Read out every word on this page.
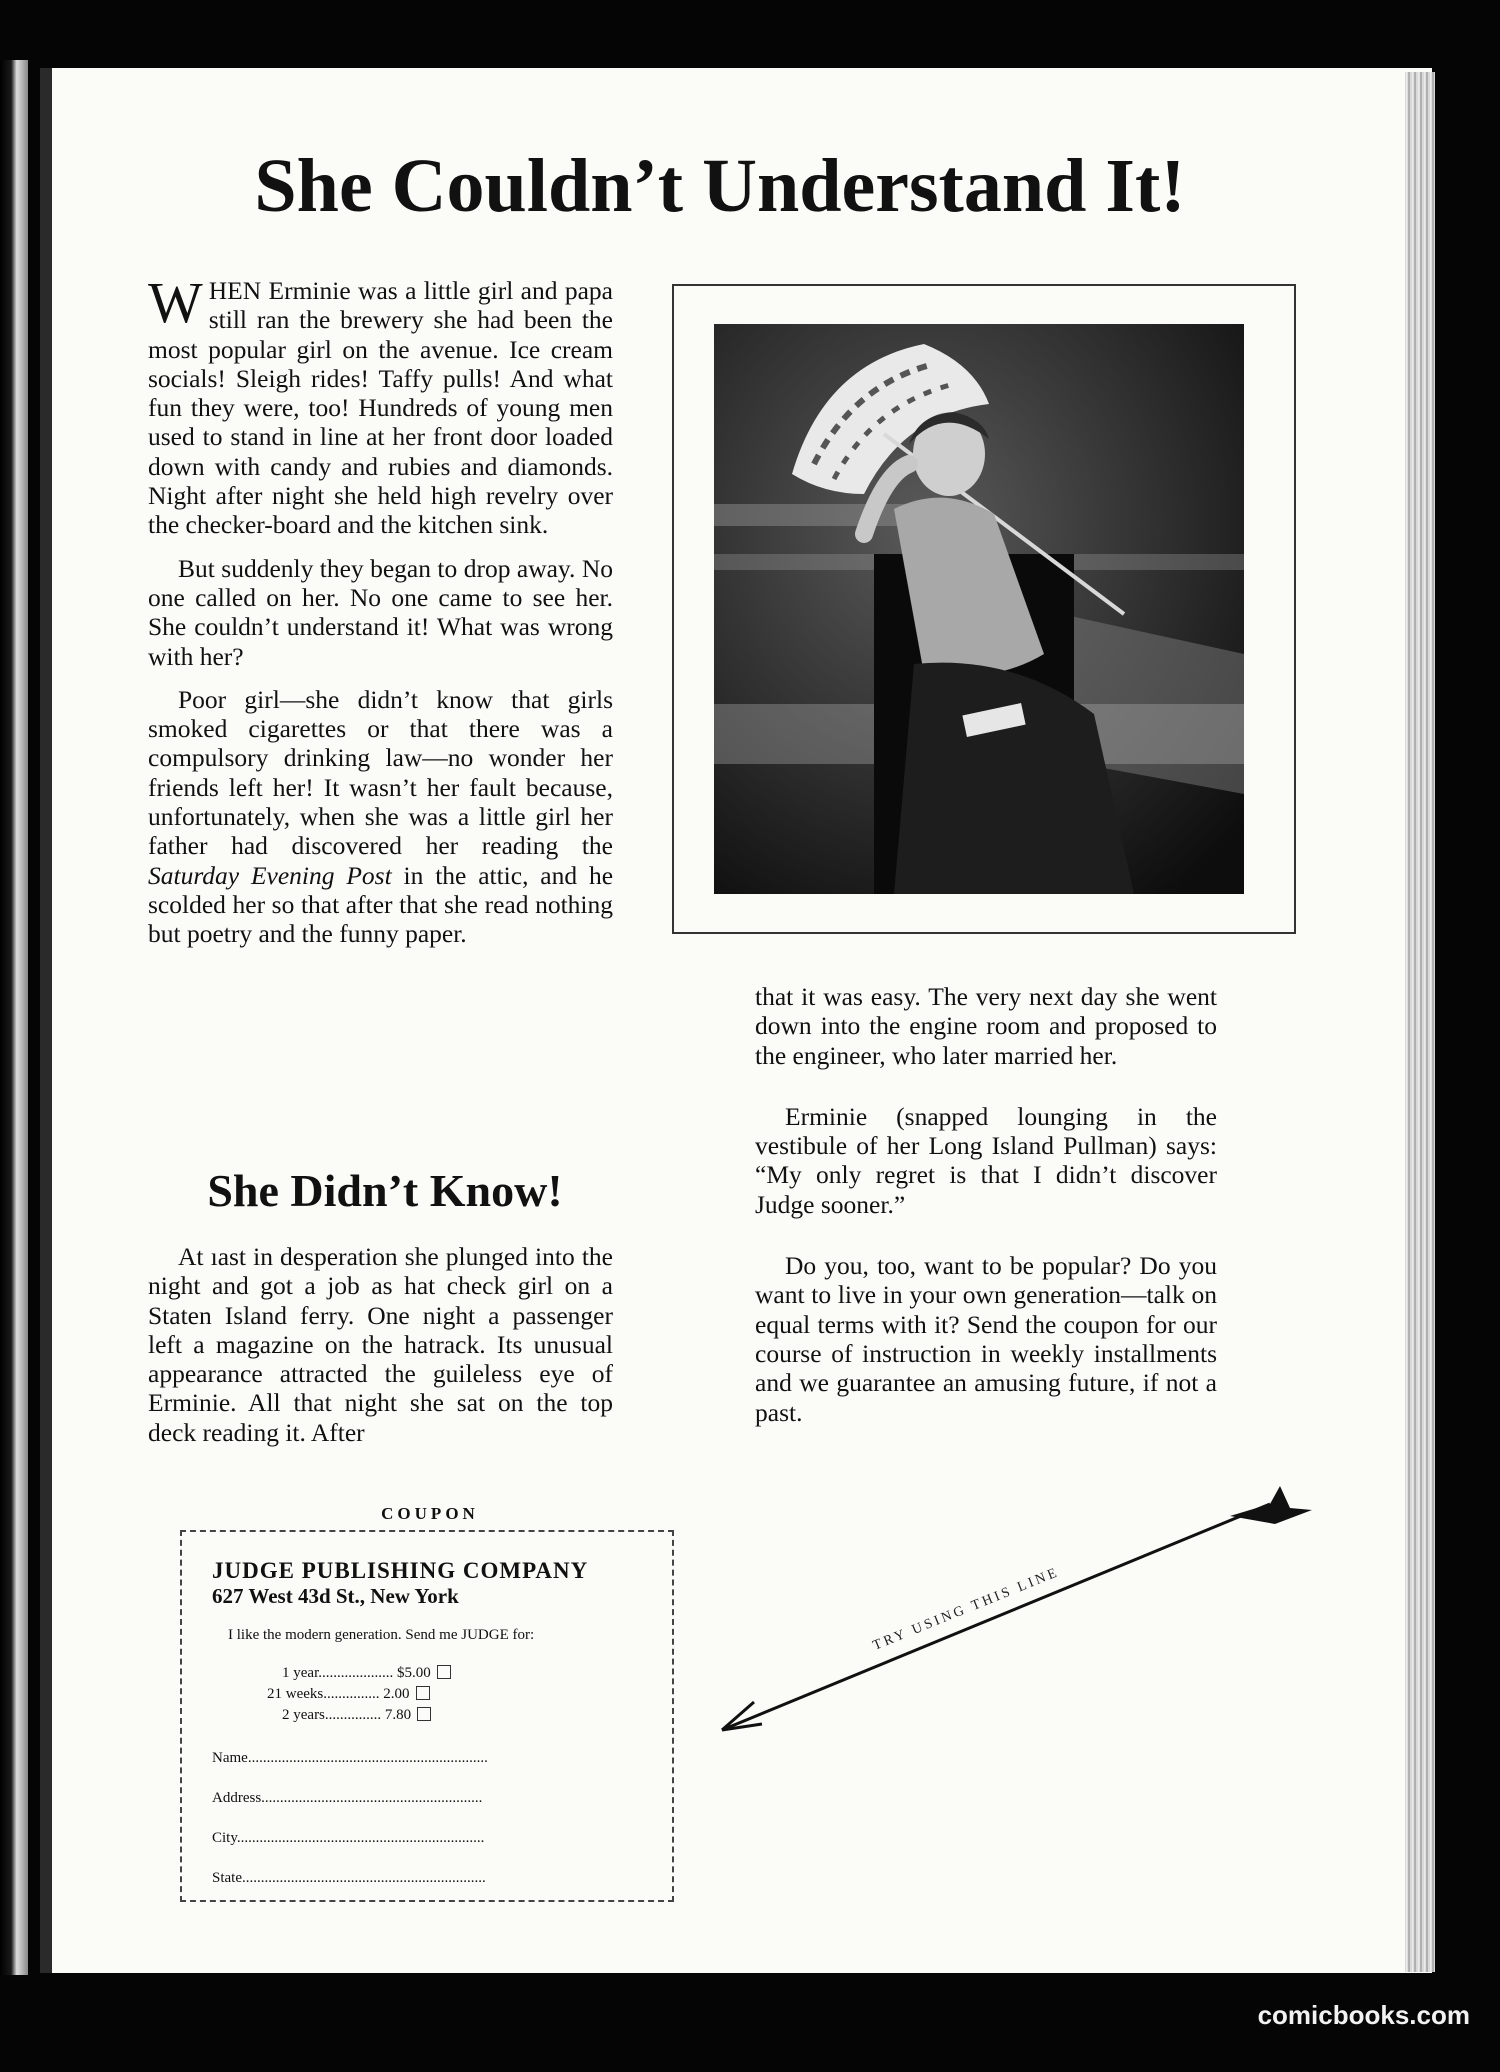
She Couldn’t Understand It!

WHEN Erminie was a little girl and papa still ran the brewery she had been the most popular girl on the avenue. Ice cream socials! Sleigh rides! Taffy pulls! And what fun they were, too! Hundreds of young men used to stand in line at her front door loaded down with candy and rubies and diamonds. Night after night she held high revelry over the checker-board and the kitchen sink.

But suddenly they began to drop away. No one called on her. No one came to see her. She couldn’t understand it! What was wrong with her?

Poor girl—she didn’t know that girls smoked cigarettes or that there was a compulsory drinking law—no wonder her friends left her! It wasn’t her fault because, unfortunately, when she was a little girl her father had discovered her reading the Saturday Evening Post in the attic, and he scolded her so that after that she read nothing but poetry and the funny paper.

She Didn’t Know!

At ıast in desperation she plunged into the night and got a job as hat check girl on a Staten Island ferry. One night a passenger left a magazine on the hatrack. Its unusual appearance attracted the guileless eye of Erminie. All that night she sat on the top deck reading it. After

that it was easy. The very next day she went down into the engine room and proposed to the engineer, who later married her.

Erminie (snapped lounging in the vestibule of her Long Island Pullman) says: “My only regret is that I didn’t discover Judge sooner.”

Do you, too, want to be popular? Do you want to live in your own generation—talk on equal terms with it? Send the coupon for our course of instruction in weekly installments and we guarantee an amusing future, if not a past.

COUPON
JUDGE PUBLISHING COMPANY
627 West 43d St., New York
I like the modern generation. Send me JUDGE for:
1 year.................... $5.00
21 weeks............... 2.00
2 years............... 7.80
Name................................................................
Address...........................................................
City..................................................................
State.................................................................
TRY USING THIS LINE
comicbooks.com
